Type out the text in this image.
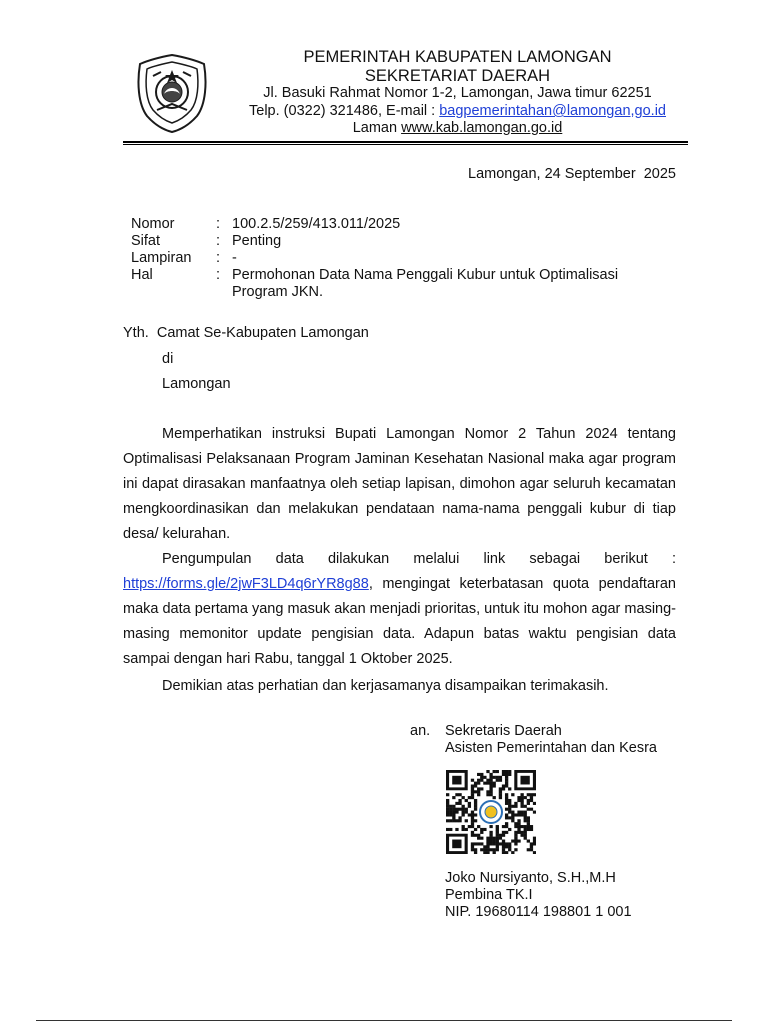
PEMERINTAH KABUPATEN LAMONGAN
SEKRETARIAT DAERAH
Jl. Basuki Rahmat Nomor 1-2, Lamongan, Jawa timur 62251
Telp. (0322) 321486, E-mail : bagpemerintahan@lamongan,go.id
Laman www.kab.lamongan.go.id
Lamongan, 24 September  2025
Nomor	: 100.2.5/259/413.011/2025
Sifat	: Penting
Lampiran : -
Hal	: Permohonan Data Nama Penggali Kubur untuk Optimalisasi Program JKN.
Yth.  Camat Se-Kabupaten Lamongan
di
Lamongan

Memperhatikan instruksi Bupati Lamongan Nomor 2 Tahun 2024 tentang Optimalisasi Pelaksanaan Program Jaminan Kesehatan Nasional maka agar program ini dapat dirasakan manfaatnya oleh setiap lapisan, dimohon agar seluruh kecamatan mengkoordinasikan dan melakukan pendataan nama-nama penggali kubur di tiap desa/ kelurahan.

Pengumpulan data dilakukan melalui link sebagai berikut : https://forms.gle/2jwF3LD4q6rYR8g88, mengingat keterbatasan quota pendaftaran maka data pertama yang masuk akan menjadi prioritas, untuk itu mohon agar masing-masing memonitor update pengisian data. Adapun batas waktu pengisian data sampai dengan hari Rabu, tanggal 1 Oktober 2025.

Demikian atas perhatian dan kerjasamanya disampaikan terimakasih.

an. Sekretaris Daerah
Asisten Pemerintahan dan Kesra
Joko Nursiyanto, S.H.,M.H
Pembina TK.I
NIP. 19680114 198801 1 001
